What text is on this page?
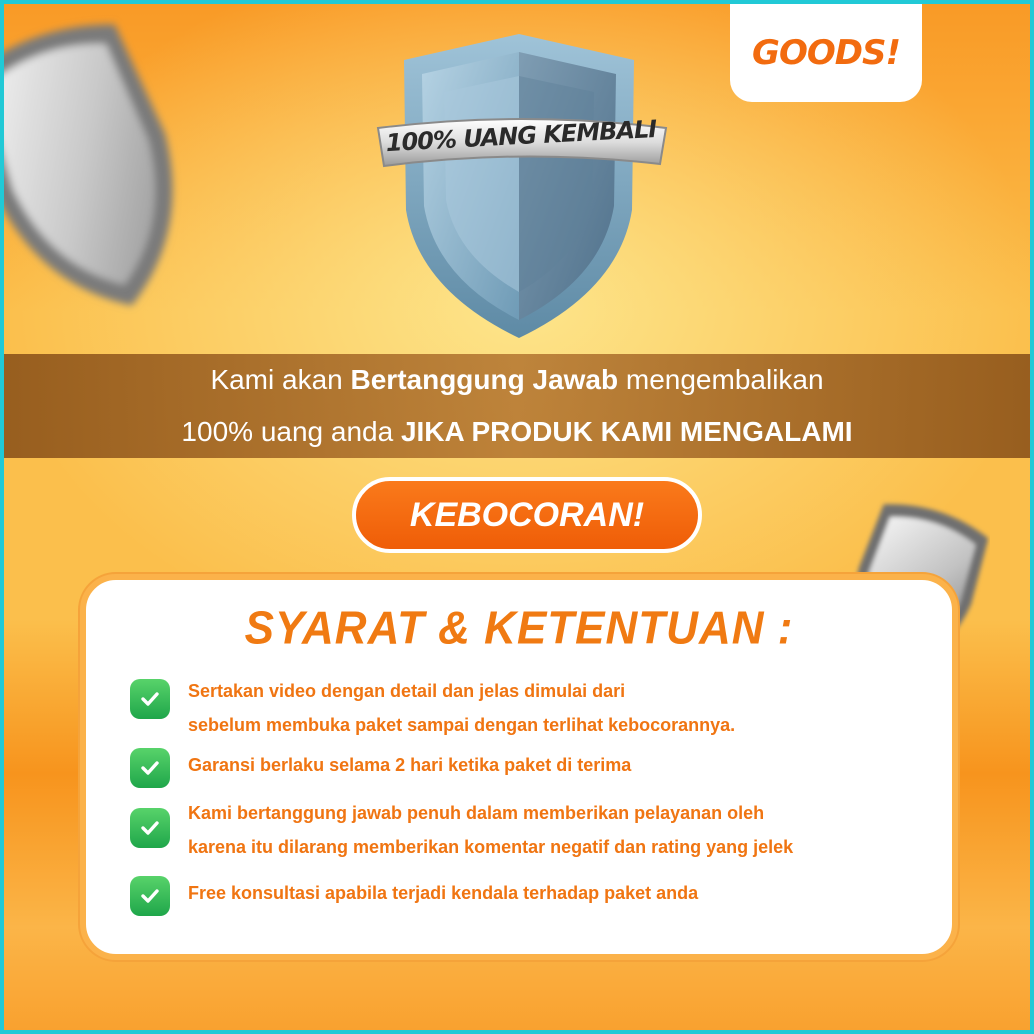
100% UANG KEMBALI
GOODS!
Kami akan Bertanggung Jawab mengembalikan
100% uang anda JIKA PRODUK KAMI MENGALAMI
KEBOCORAN!
SYARAT & KETENTUAN :
Sertakan video dengan detail dan jelas dimulai dari
sebelum membuka paket sampai dengan terlihat kebocorannya.
Garansi berlaku selama 2 hari ketika paket di terima
Kami bertanggung jawab penuh dalam memberikan pelayanan oleh
karena itu dilarang memberikan komentar negatif dan rating yang jelek
Free konsultasi apabila terjadi kendala terhadap paket anda
